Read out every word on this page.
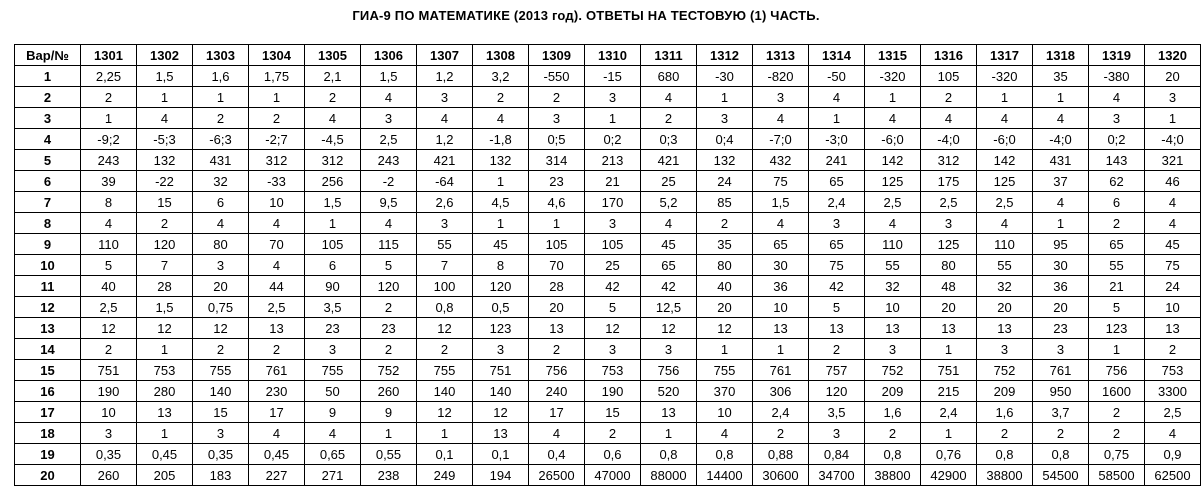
ГИА-9 ПО МАТЕМАТИКЕ (2013 год). ОТВЕТЫ НА ТЕСТОВУЮ (1) ЧАСТЬ.
Вар/№	1301	1302	1303	1304	1305	1306	1307	1308	1309	1310	1311	1312	1313	1314	1315	1316	1317	1318	1319	1320
1	2,25	1,5	1,6	1,75	2,1	1,5	1,2	3,2	-550	-15	680	-30	-820	-50	-320	105	-320	35	-380	20
2	2	1	1	1	2	4	3	2	2	3	4	1	3	4	1	2	1	1	4	3
3	1	4	2	2	4	3	4	4	3	1	2	3	4	1	4	4	4	4	3	1
4	-9;2	-5;3	-6;3	-2;7	-4,5	2,5	1,2	-1,8	0;5	0;2	0;3	0;4	-7;0	-3;0	-6;0	-4;0	-6;0	-4;0	0;2	-4;0
5	243	132	431	312	312	243	421	132	314	213	421	132	432	241	142	312	142	431	143	321
6	39	-22	32	-33	256	-2	-64	1	23	21	25	24	75	65	125	175	125	37	62	46
7	8	15	6	10	1,5	9,5	2,6	4,5	4,6	170	5,2	85	1,5	2,4	2,5	2,5	2,5	4	6	4
8	4	2	4	4	1	4	3	1	1	3	4	2	4	3	4	3	4	1	2	4
9	110	120	80	70	105	115	55	45	105	105	45	35	65	65	110	125	110	95	65	45
10	5	7	3	4	6	5	7	8	70	25	65	80	30	75	55	80	55	30	55	75
11	40	28	20	44	90	120	100	120	28	42	42	40	36	42	32	48	32	36	21	24
12	2,5	1,5	0,75	2,5	3,5	2	0,8	0,5	20	5	12,5	20	10	5	10	20	20	20	5	10
13	12	12	12	13	23	23	12	123	13	12	12	12	13	13	13	13	13	23	123	13
14	2	1	2	2	3	2	2	3	2	3	3	1	1	2	3	1	3	3	1	2
15	751	753	755	761	755	752	755	751	756	753	756	755	761	757	752	751	752	761	756	753
16	190	280	140	230	50	260	140	140	240	190	520	370	306	120	209	215	209	950	1600	3300
17	10	13	15	17	9	9	12	12	17	15	13	10	2,4	3,5	1,6	2,4	1,6	3,7	2	2,5
18	3	1	3	4	4	1	1	13	4	2	1	4	2	3	2	1	2	2	2	4
19	0,35	0,45	0,35	0,45	0,65	0,55	0,1	0,1	0,4	0,6	0,8	0,8	0,88	0,84	0,8	0,76	0,8	0,8	0,75	0,9
20	260	205	183	227	271	238	249	194	26500	47000	88000	14400	30600	34700	38800	42900	38800	54500	58500	62500
